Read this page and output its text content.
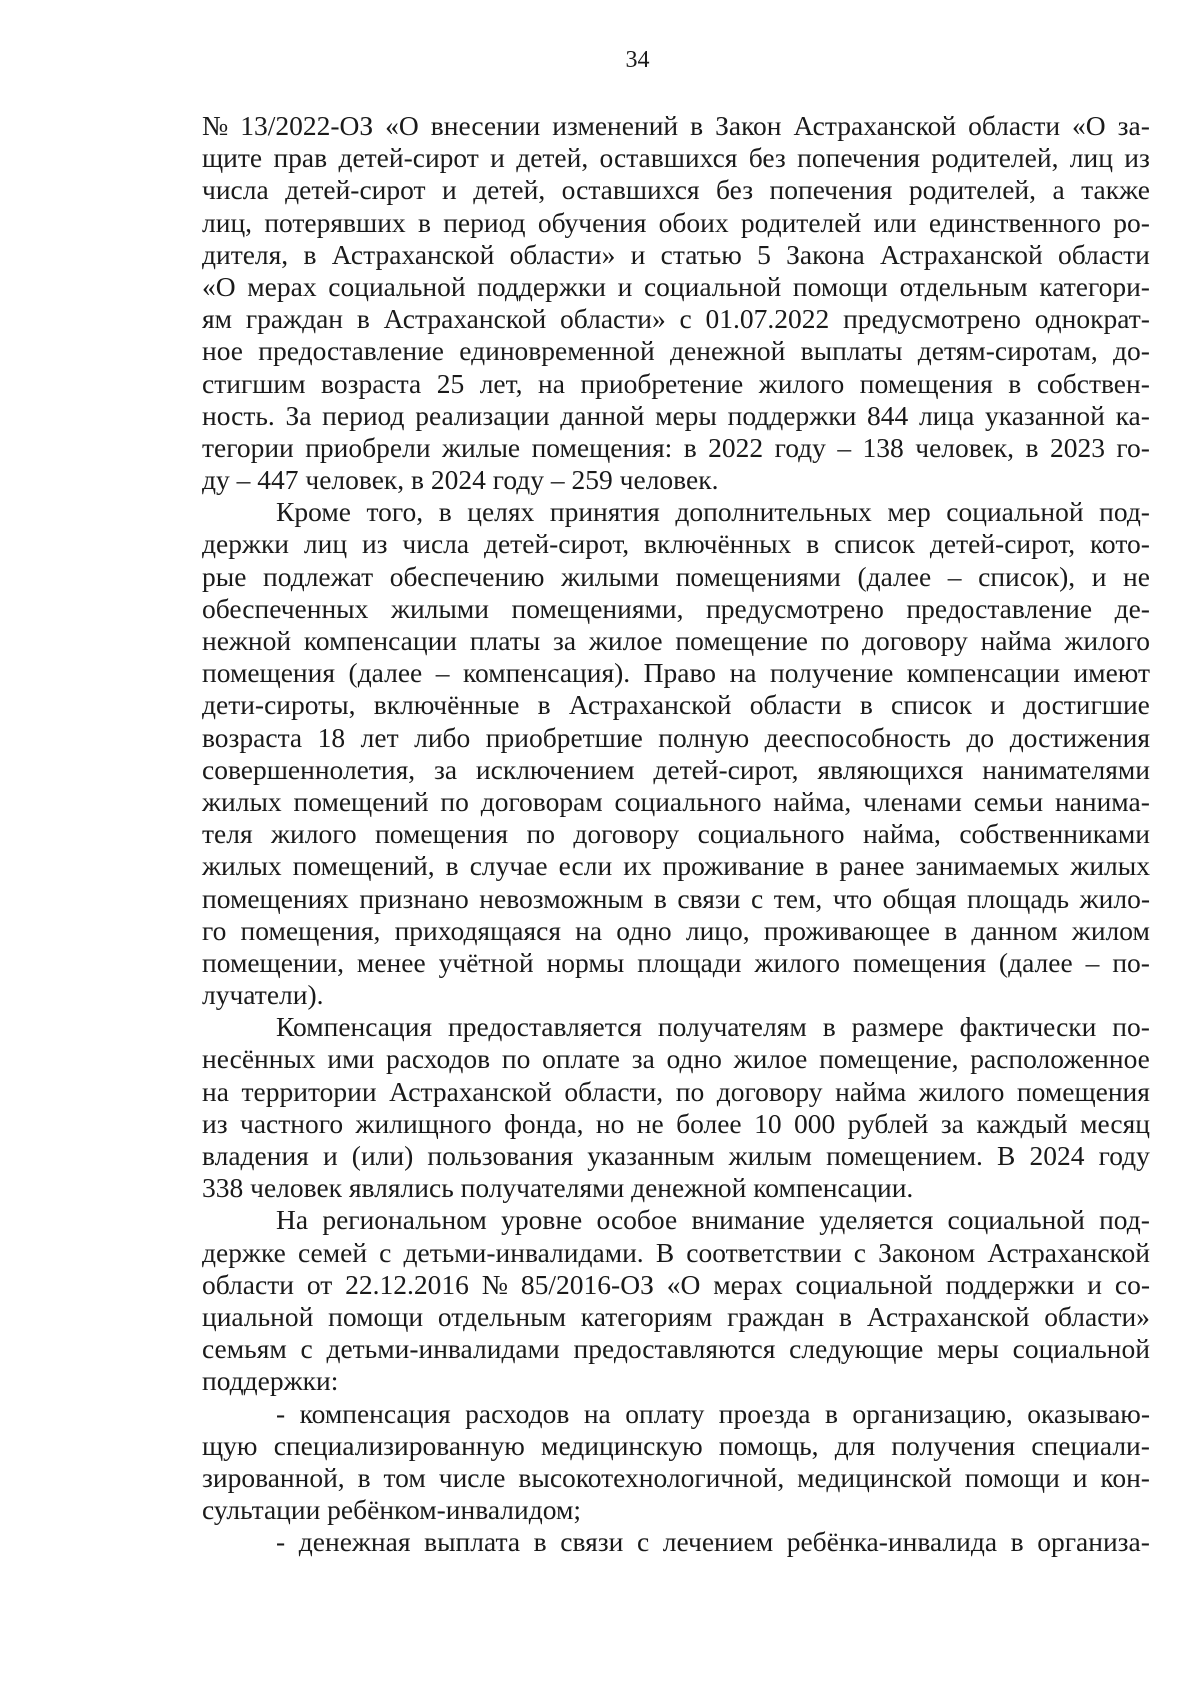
34
№ 13/2022-ОЗ «О внесении изменений в Закон Астраханской области «О за-
щите прав детей-сирот и детей, оставшихся без попечения родителей, лиц из
числа детей-сирот и детей, оставшихся без попечения родителей, а также
лиц, потерявших в период обучения обоих родителей или единственного ро-
дителя, в Астраханской области» и статью 5 Закона Астраханской области
«О мерах социальной поддержки и социальной помощи отдельным категори-
ям граждан в Астраханской области» с 01.07.2022 предусмотрено однократ-
ное предоставление единовременной денежной выплаты детям-сиротам, до-
стигшим возраста 25 лет, на приобретение жилого помещения в собствен-
ность. За период реализации данной меры поддержки 844 лица указанной ка-
тегории приобрели жилые помещения: в 2022 году – 138 человек, в 2023 го-
ду – 447 человек, в 2024 году – 259 человек.
Кроме того, в целях принятия дополнительных мер социальной под-
держки лиц из числа детей-сирот, включённых в список детей-сирот, кото-
рые подлежат обеспечению жилыми помещениями (далее – список), и не
обеспеченных жилыми помещениями, предусмотрено предоставление де-
нежной компенсации платы за жилое помещение по договору найма жилого
помещения (далее – компенсация). Право на получение компенсации имеют
дети-сироты, включённые в Астраханской области в список и достигшие
возраста 18 лет либо приобретшие полную дееспособность до достижения
совершеннолетия, за исключением детей-сирот, являющихся нанимателями
жилых помещений по договорам социального найма, членами семьи нанима-
теля жилого помещения по договору социального найма, собственниками
жилых помещений, в случае если их проживание в ранее занимаемых жилых
помещениях признано невозможным в связи с тем, что общая площадь жило-
го помещения, приходящаяся на одно лицо, проживающее в данном жилом
помещении, менее учётной нормы площади жилого помещения (далее – по-
лучатели).
Компенсация предоставляется получателям в размере фактически по-
несённых ими расходов по оплате за одно жилое помещение, расположенное
на территории Астраханской области, по договору найма жилого помещения
из частного жилищного фонда, но не более 10 000 рублей за каждый месяц
владения и (или) пользования указанным жилым помещением. В 2024 году
338 человек являлись получателями денежной компенсации.
На региональном уровне особое внимание уделяется социальной под-
держке семей с детьми-инвалидами. В соответствии с Законом Астраханской
области от 22.12.2016 № 85/2016-ОЗ «О мерах социальной поддержки и со-
циальной помощи отдельным категориям граждан в Астраханской области»
семьям с детьми-инвалидами предоставляются следующие меры социальной
поддержки:
- компенсация расходов на оплату проезда в организацию, оказываю-
щую специализированную медицинскую помощь, для получения специали-
зированной, в том числе высокотехнологичной, медицинской помощи и кон-
сультации ребёнком-инвалидом;
- денежная выплата в связи с лечением ребёнка-инвалида в организа-
